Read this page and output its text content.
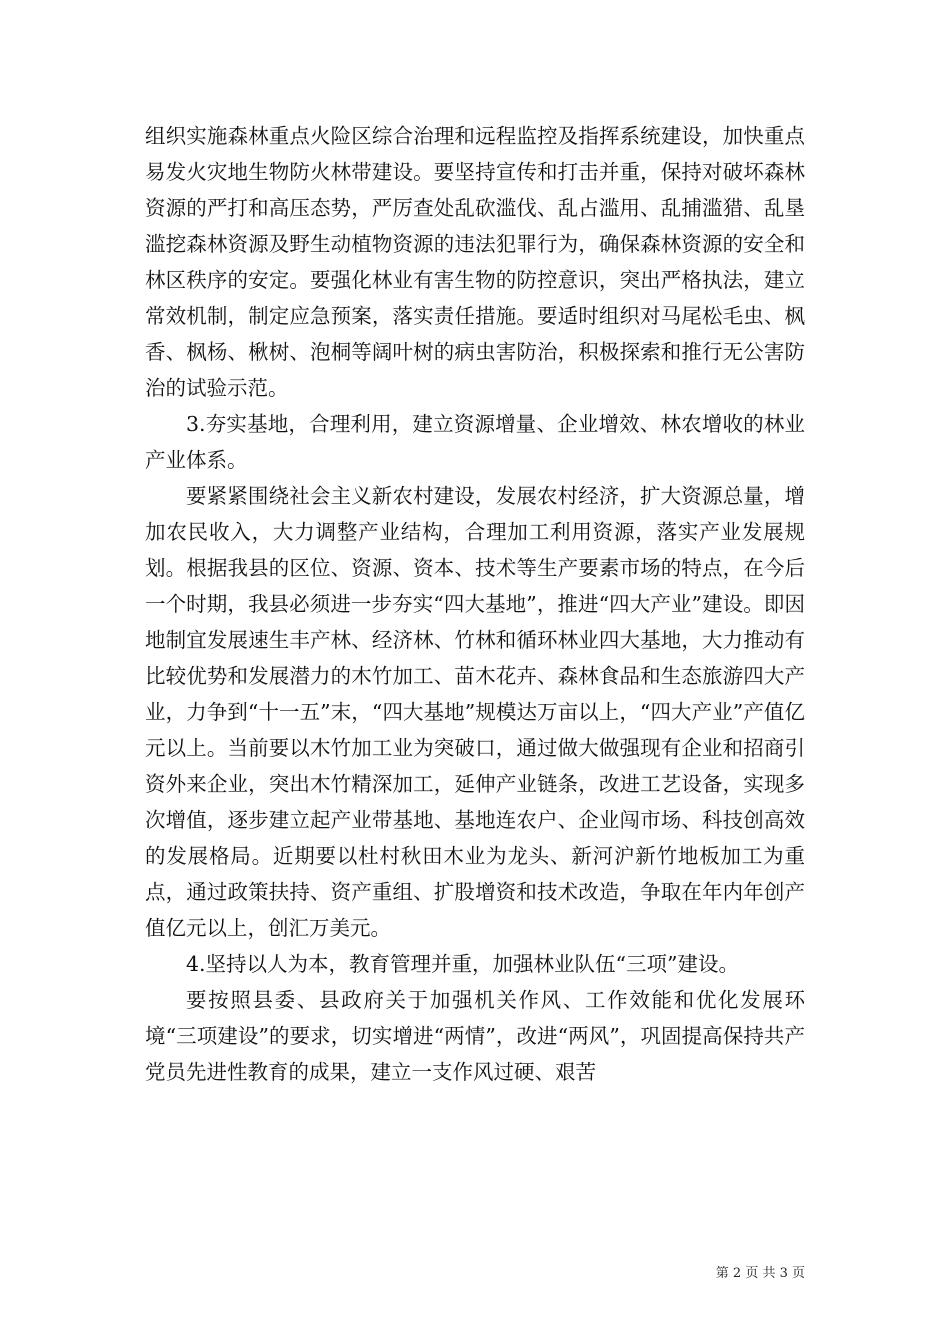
组织实施森林重点火险区综合治理和远程监控及指挥系统建设，加快重点易发火灾地生物防火林带建设。要坚持宣传和打击并重，保持对破坏森林资源的严打和高压态势，严厉查处乱砍滥伐、乱占滥用、乱捕滥猎、乱垦滥挖森林资源及野生动植物资源的违法犯罪行为，确保森林资源的安全和林区秩序的安定。要强化林业有害生物的防控意识，突出严格执法，建立常效机制，制定应急预案，落实责任措施。要适时组织对马尾松毛虫、枫香、枫杨、楸树、泡桐等阔叶树的病虫害防治，积极探索和推行无公害防治的试验示范。

3.夯实基地，合理利用，建立资源增量、企业增效、林农增收的林业产业体系。

要紧紧围绕社会主义新农村建设，发展农村经济，扩大资源总量，增加农民收入，大力调整产业结构，合理加工利用资源，落实产业发展规划。根据我县的区位、资源、资本、技术等生产要素市场的特点，在今后一个时期，我县必须进一步夯实“四大基地”，推进“四大产业”建设。即因地制宜发展速生丰产林、经济林、竹林和循环林业四大基地，大力推动有比较优势和发展潜力的木竹加工、苗木花卉、森林食品和生态旅游四大产业，力争到“十一五”末，“四大基地”规模达万亩以上，“四大产业”产值亿元以上。当前要以木竹加工业为突破口，通过做大做强现有企业和招商引资外来企业，突出木竹精深加工，延伸产业链条，改进工艺设备，实现多次增值，逐步建立起产业带基地、基地连农户、企业闯市场、科技创高效的发展格局。近期要以杜村秋田木业为龙头、新河沪新竹地板加工为重点，通过政策扶持、资产重组、扩股增资和技术改造，争取在年内年创产值亿元以上，创汇万美元。

4.坚持以人为本，教育管理并重，加强林业队伍“三项”建设。

要按照县委、县政府关于加强机关作风、工作效能和优化发展环境“三项建设”的要求，切实增进“两情”，改进“两风”，巩固提高保持共产党员先进性教育的成果，建立一支作风过硬、艰苦

第 2 页 共 3 页
